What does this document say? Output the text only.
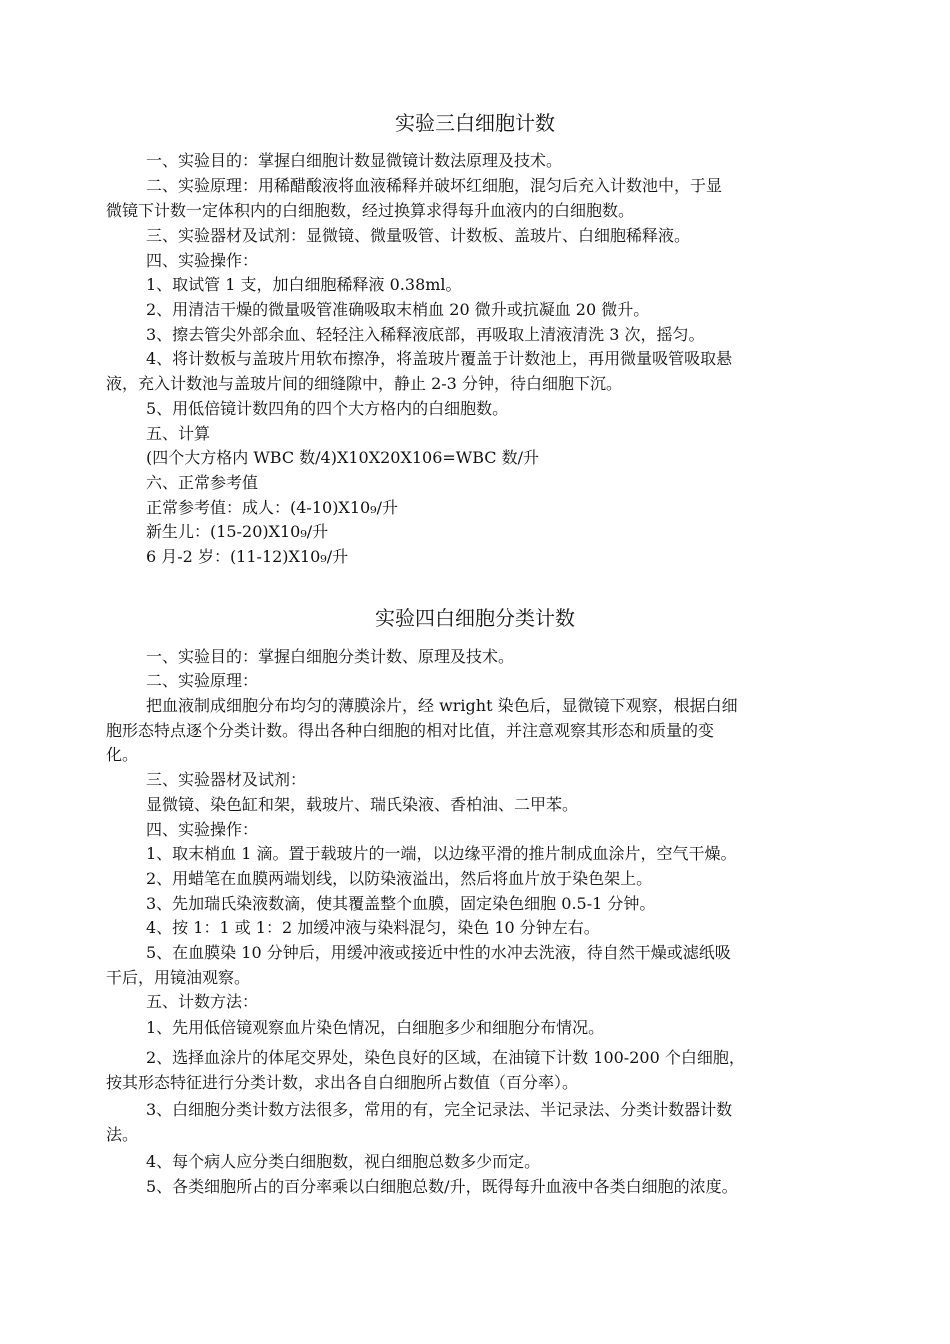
实验三白细胞计数

一、实验目的：掌握白细胞计数显微镜计数法原理及技术。

二、实验原理：用稀醋酸液将血液稀释并破坏红细胞，混匀后充入计数池中，于显

微镜下计数一定体积内的白细胞数，经过换算求得每升血液内的白细胞数。

三、实验器材及试剂：显微镜、微量吸管、计数板、盖玻片、白细胞稀释液。

四、实验操作：

1、取试管 1 支，加白细胞稀释液 0.38ml。

2、用清洁干燥的微量吸管准确吸取末梢血 20 微升或抗凝血 20 微升。

3、擦去管尖外部余血、轻轻注入稀释液底部，再吸取上清液清洗 3 次，摇匀。

4、将计数板与盖玻片用软布擦净，将盖玻片覆盖于计数池上，再用微量吸管吸取悬

液，充入计数池与盖玻片间的细缝隙中，静止 2-3 分钟，待白细胞下沉。

5、用低倍镜计数四角的四个大方格内的白细胞数。

五、计算

(四个大方格内 WBC 数/4)X10X20X106=WBC 数/升

六、正常参考值

正常参考值：成人：(4-10)X10₉/升

新生儿：(15-20)X10₉/升

6 月-2 岁：(11-12)X10₉/升

实验四白细胞分类计数

一、实验目的：掌握白细胞分类计数、原理及技术。

二、实验原理：

把血液制成细胞分布均匀的薄膜涂片，经 wright 染色后，显微镜下观察，根据白细

胞形态特点逐个分类计数。得出各种白细胞的相对比值，并注意观察其形态和质量的变

化。

三、实验器材及试剂：

显微镜、染色缸和架，载玻片、瑞氏染液、香柏油、二甲苯。

四、实验操作：

1、取末梢血 1 滴。置于载玻片的一端，以边缘平滑的推片制成血涂片，空气干燥。

2、用蜡笔在血膜两端划线，以防染液溢出，然后将血片放于染色架上。

3、先加瑞氏染液数滴，使其覆盖整个血膜，固定染色细胞 0.5-1 分钟。

4、按 1：1 或 1：2 加缓冲液与染料混匀，染色 10 分钟左右。

5、在血膜染 10 分钟后，用缓冲液或接近中性的水冲去洗液，待自然干燥或滤纸吸

干后，用镜油观察。

五、计数方法：

1、先用低倍镜观察血片染色情况，白细胞多少和细胞分布情况。

2、选择血涂片的体尾交界处，染色良好的区域，在油镜下计数 100-200 个白细胞，

按其形态特征进行分类计数，求出各自白细胞所占数值（百分率）。

3、白细胞分类计数方法很多，常用的有，完全记录法、半记录法、分类计数器计数

法。

4、每个病人应分类白细胞数，视白细胞总数多少而定。

5、各类细胞所占的百分率乘以白细胞总数/升，既得每升血液中各类白细胞的浓度。
